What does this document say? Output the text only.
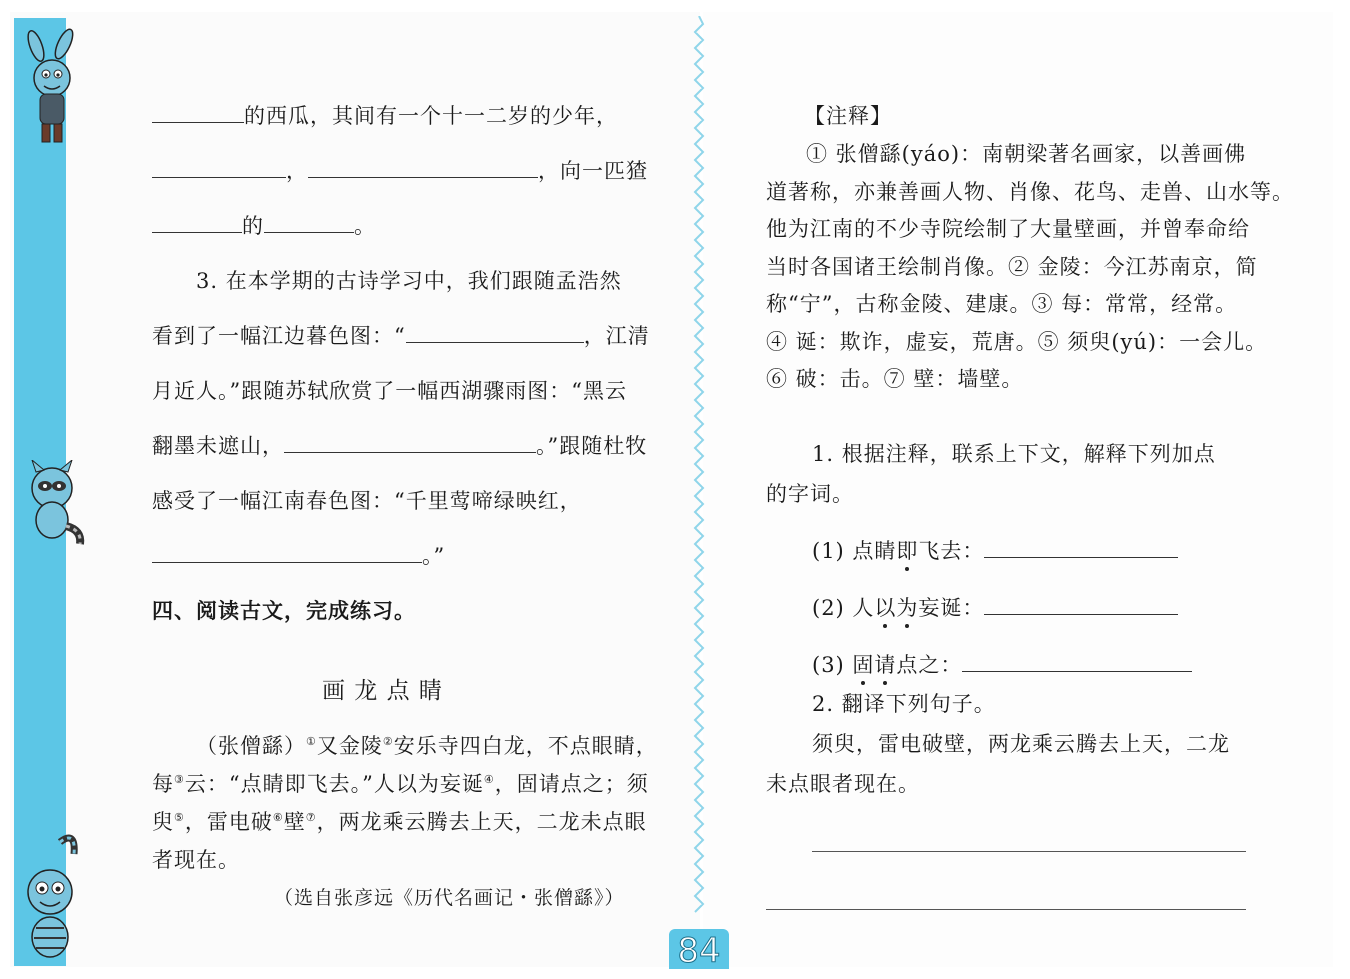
的西瓜，其间有一个十一二岁的少年，
，	，向一匹猹
的	。
3. 在本学期的古诗学习中，我们跟随孟浩然
看到了一幅江边暮色图：“	，江清
月近人。”跟随苏轼欣赏了一幅西湖骤雨图：“黑云
翻墨未遮山，	。”跟随杜牧
感受了一幅江南春色图：“千里莺啼绿映红，
。”
四、阅读古文，完成练习。
画 龙 点 睛
（张僧繇）①又金陵②安乐寺四白龙，不点眼睛，
每③云：“点睛即飞去。”人以为妄诞④，固请点之；须
臾⑤，雷电破⑥壁⑦，两龙乘云腾去上天，二龙未点眼
者现在。
（选自张彦远《历代名画记・张僧繇》）
【注释】
① 张僧繇(yáo)：南朝梁著名画家，以善画佛
道著称，亦兼善画人物、肖像、花鸟、走兽、山水等。
他为江南的不少寺院绘制了大量壁画，并曾奉命给
当时各国诸王绘制肖像。② 金陵：今江苏南京，简
称“宁”，古称金陵、建康。③ 每：常常，经常。
④ 诞：欺诈，虚妄，荒唐。⑤ 须臾(yú)：一会儿。
⑥ 破：击。⑦ 壁：墙壁。
1. 根据注释，联系上下文，解释下列加点
的字词。
(1) 点睛即飞去：
(2) 人以为妄诞：
(3) 固请点之：
2. 翻译下列句子。
须臾，雷电破壁，两龙乘云腾去上天，二龙
未点眼者现在。
84
